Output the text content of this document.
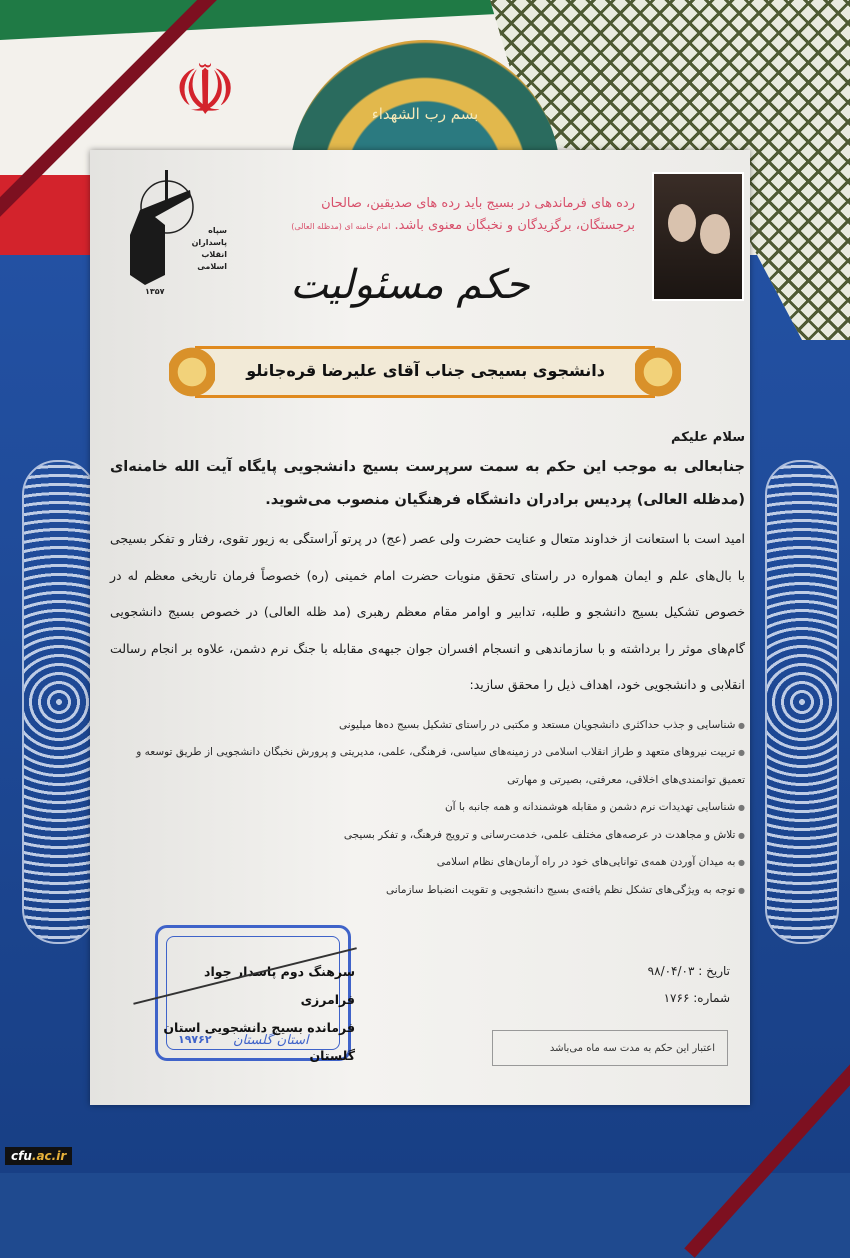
☫	بسم رب الشهداء
سپاه پاسداران انقلاب اسلامی
۱۳۵۷
رده های فرماندهی در بسیج باید رده های صدیقین، صالحان
برجستگان، برگزیدگان و نخبگان معنوی باشد. امام خامنه ای (مدظله العالی)
حکم مسئولیت
دانشجوی بسیجی جناب آقای علیرضا قره‌جانلو

سلام علیکم

جنابعالی به موجب این حکم به سمت سرپرست بسیج دانشجویی پایگاه آیت الله خامنه‌ای (مدظله العالی) پردیس برادران دانشگاه فرهنگیان منصوب می‌شوید.

امید است با استعانت از خداوند متعال و عنایت حضرت ولی عصر (عج) در پرتو آراستگی به زیور تقوی، رفتار و تفکر بسیجی با بال‌های علم و ایمان همواره در راستای تحقق منویات حضرت امام خمینی (ره) خصوصاً فرمان تاریخی معظم له در خصوص تشکیل بسیج دانشجو و طلبه، تدابیر و اوامر مقام معظم رهبری (مد ظله العالی) در خصوص بسیج دانشجویی گام‌های موثر را برداشته و با سازماندهی و انسجام افسران جوان جبهه‌ی مقابله با جنگ نرم دشمن، علاوه بر انجام رسالت انقلابی و دانشجویی خود، اهداف ذیل را محقق سازید:

● شناسایی و جذب حداکثری دانشجویان مستعد و مکتبی در راستای تشکیل بسیج ده‌ها میلیونی
● تربیت نیروهای متعهد و طراز انقلاب اسلامی در زمینه‌های سیاسی، فرهنگی، علمی، مدیریتی و پرورش نخبگان دانشجویی از طریق توسعه و تعمیق توانمندی‌های اخلاقی، معرفتی، بصیرتی و مهارتی
● شناسایی تهدیدات نرم دشمن و مقابله هوشمندانه و همه جانبه با آن
● تلاش و مجاهدت در عرصه‌های مختلف علمی، خدمت‌رسانی و ترویج فرهنگ، و تفکر بسیجی
● به میدان آوردن همه‌ی توانایی‌های خود در راه آرمان‌های نظام اسلامی
● توجه به ویژگی‌های تشکل نظم یافته‌ی بسیج دانشجویی و تقویت انضباط سازمانی
تاریخ : ۹۸/۰۴/۰۳
شماره: ۱۷۶۶
اعتبار این حکم به مدت سه ماه می‌باشد
۱۹۷۶۲ استان گلستان
سرهنگ دوم پاسدار جواد فرامرزی
فرمانده بسیج دانشجویی استان گلستان
cfu.ac.ir
